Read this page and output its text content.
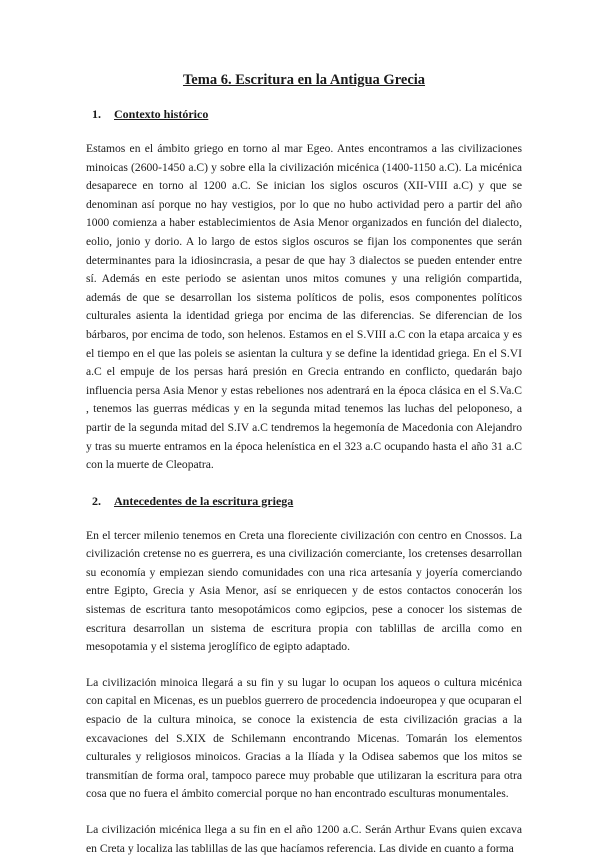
Tema 6. Escritura en la Antigua Grecia
1. Contexto histórico

Estamos en el ámbito griego en torno al mar Egeo. Antes encontramos a las civilizaciones minoicas (2600-1450 a.C) y sobre ella la civilización micénica (1400-1150 a.C). La micénica desaparece en torno al 1200 a.C. Se inician los siglos oscuros (XII-VIII a.C) y que se denominan así porque no hay vestigios, por lo que no hubo actividad pero a partir del año 1000 comienza a haber establecimientos de Asia Menor organizados en función del dialecto, eolio, jonio y dorio. A lo largo de estos siglos oscuros se fijan los componentes que serán determinantes para la idiosincrasia, a pesar de que hay 3 dialectos se pueden entender entre sí. Además en este periodo se asientan unos mitos comunes y una religión compartida, además de que se desarrollan los sistema políticos de polis, esos componentes políticos culturales asienta la identidad griega por encima de las diferencias. Se diferencian de los bárbaros, por encima de todo, son helenos. Estamos en el S.VIII a.C con la etapa arcaica y es el tiempo en el que las poleis se asientan la cultura y se define la identidad griega. En el S.VI a.C el empuje de los persas hará presión en Grecia entrando en conflicto, quedarán bajo influencia persa Asia Menor y estas rebeliones nos adentrará en la época clásica en el S.Va.C , tenemos las guerras médicas y en la segunda mitad tenemos las luchas del peloponeso, a partir de la segunda mitad del S.IV a.C tendremos la hegemonía de Macedonia con Alejandro y tras su muerte entramos en la época helenística en el 323 a.C ocupando hasta el año 31 a.C con la muerte de Cleopatra.

2. Antecedentes de la escritura griega

En el tercer milenio tenemos en Creta una floreciente civilización con centro en Cnossos. La civilización cretense no es guerrera, es una civilización comerciante, los cretenses desarrollan su economía y empiezan siendo comunidades con una rica artesanía y joyería comerciando entre Egipto, Grecia y Asia Menor, así se enriquecen y de estos contactos conocerán los sistemas de escritura tanto mesopotámicos como egipcios, pese a conocer los sistemas de escritura desarrollan un sistema de escritura propia con tablillas de arcilla como en mesopotamia y el sistema jeroglífico de egipto adaptado.

La civilización minoica llegará a su fin y su lugar lo ocupan los aqueos o cultura micénica con capital en Micenas, es un pueblos guerrero de procedencia indoeuropea y que ocuparan el espacio de la cultura minoica, se conoce la existencia de esta civilización gracias a la excavaciones del S.XIX de Schilemann encontrando Micenas. Tomarán los elementos culturales y religiosos minoicos. Gracias a la Ilíada y la Odisea sabemos que los mitos se transmitían de forma oral, tampoco parece muy probable que utilizaran la escritura para otra cosa que no fuera el ámbito comercial porque no han encontrado esculturas monumentales.

La civilización micénica llega a su fin en el año 1200 a.C. Serán Arthur Evans quien excava en Creta y localiza las tablillas de las que hacíamos referencia. Las divide en cuanto a forma
